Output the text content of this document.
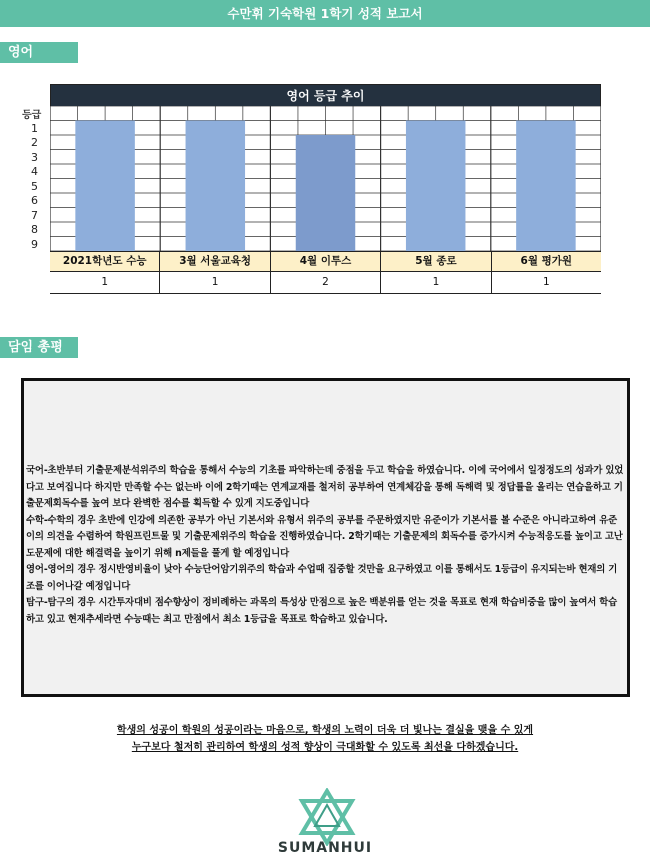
수만휘 기숙학원 1학기 성적 보고서
영어
영어 등급 추이
등급
1
2
3
4
5
6
7
8
9
2021학년도 수능	3월 서울교육청	4월 이투스	5월 종로	6월 평가원
1	1	2	1	1
담임 총평

국어-초반부터 기출문제분석위주의 학습을 통해서 수능의 기초를 파악하는데 중점을 두고 학습을 하였습니다. 이에 국어에서 일정정도의 성과가 있었다고 보여집니다 하지만 만족할 수는 없는바 이에 2학기때는 연계교재를 철저히 공부하여 연계체감을 통해 독해력 및 정답률을 올리는 연습을하고 기출문제회독수를 높여 보다 완벽한 점수를 획득할 수 있게 지도중입니다

수학-수학의 경우 초반에 인강에 의존한 공부가 아닌 기본서와 유형서 위주의 공부를 주문하였지만 유준이가 기본서를 볼 수준은 아니라고하여 유준이의 의견을 수렴하여 학원프린트물 및 기출문제위주의 학습을 진행하였습니다. 2학기때는 기출문제의 회독수를 증가시켜 수능적응도를 높이고 고난도문제에 대한 해결력을 높이기 위해 n제들을 풀게 할 예정입니다

영어-영어의 경우 정시반영비율이 낮아 수능단어암기위주의 학습과 수업때 집중할 것만을 요구하였고 이를 통해서도 1등급이 유지되는바 현재의 기조를 이어나갈 예정입니다

탐구-탐구의 경우 시간투자대비 점수향상이 정비례하는 과목의 특성상 만점으로 높은 백분위를 얻는 것을 목표로 현재 학습비중을 많이 높여서 학습하고 있고 현재추세라면 수능때는 최고 만점에서 최소 1등급을 목표로 학습하고 있습니다.

학생의 성공이 학원의 성공이라는 마음으로, 학생의 노력이 더욱 더 빛나는 결실을 맺을 수 있게

누구보다 철저히 관리하여 학생의 성적 향상이 극대화할 수 있도록 최선을 다하겠습니다.

SUMANHUI
